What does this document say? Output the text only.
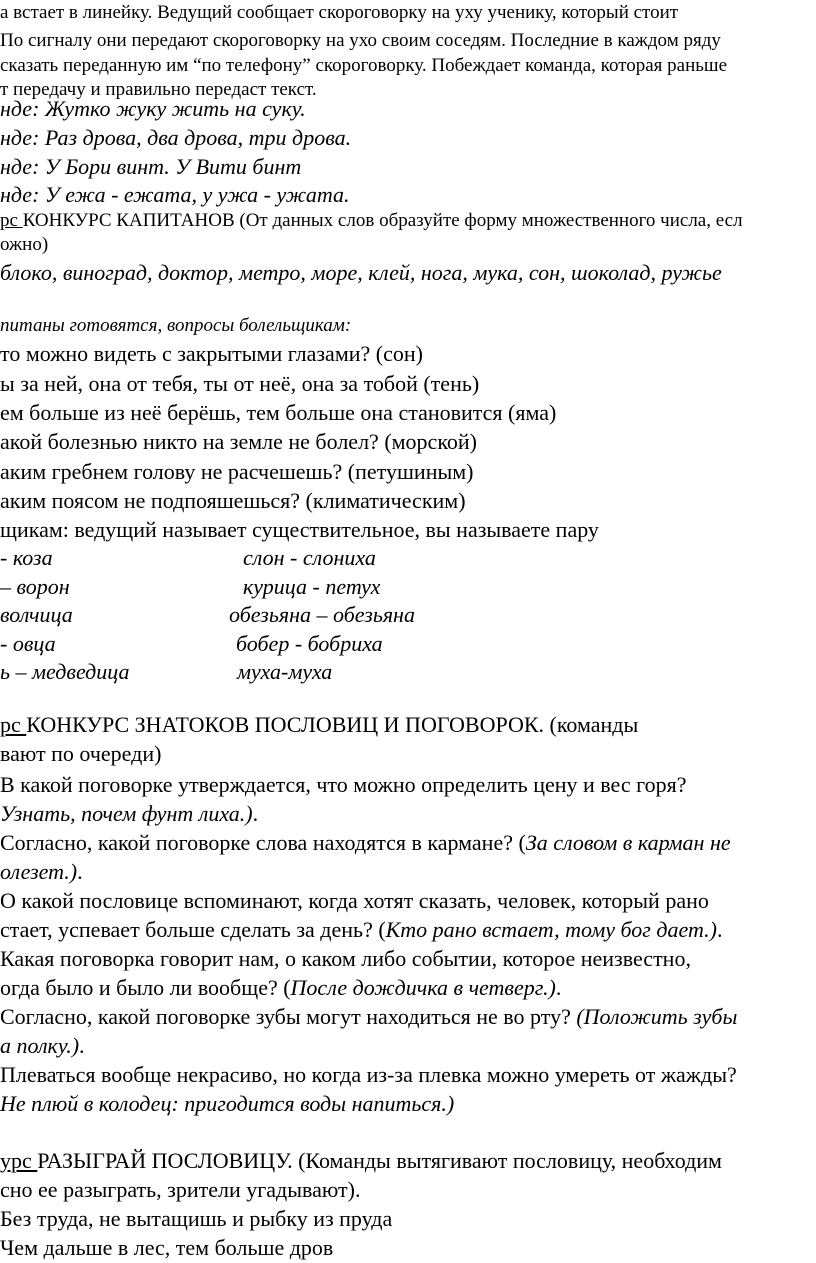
а встает в линейку. Ведущий сообщает скороговорку на уху ученику, который стоит
По сигналу они передают скороговорку на ухо своим соседям. Последние в каждом ряду
сказать переданную им “по телефону” скороговорку. Побеждает команда, которая раньше
т передачу и правильно передаст текст.
нде: Жутко жуку жить на суку.
нде: Раз дрова, два дрова, три дрова.
нде: У Бори винт. У Вити бинт
нде: У ежа - ежата, у ужа - ужата.
рс КОНКУРС КАПИТАНОВ (От данных слов образуйте форму множественного числа, есл
ожно)
блоко, виноград, доктор, метро, море, клей, нога, мука, сон, шоколад, ружье
питаны готовятся, вопросы болельщикам:
то можно видеть с закрытыми глазами? (сон)
ы за ней, она от тебя, ты от неё, она за тобой (тень)
ем больше из неё берёшь, тем больше она становится (яма)
акой болезнью никто на земле не болел? (морской)
аким гребнем голову не расчешешь? (петушиным)
аким поясом не подпояшешься? (климатическим)
щикам: ведущий называет существительное, вы называете пару
- коза	слон - слониха
– ворон	курица - петух
волчица	обезьяна – обезьяна
- овца	бобер - бобриха
ь – медведица	муха-муха
рс КОНКУРС ЗНАТОКОВ ПОСЛОВИЦ И ПОГОВОРОК. (команды
вают по очереди)
В какой поговорке утверждается, что можно определить цену и вес горя?
Узнать, почем фунт лиха.).
Согласно, какой поговорке слова находятся в кармане? (За словом в карман не
олезет.).
О какой пословице вспоминают, когда хотят сказать, человек, который рано
стает, успевает больше сделать за день? (Кто рано встает, тому бог дает.).
Какая поговорка говорит нам, о каком либо событии, которое неизвестно,
огда было и было ли вообще? (После дождичка в четверг.).
Согласно, какой поговорке зубы могут находиться не во рту? (Положить зубы
а полку.).
Плеваться вообще некрасиво, но когда из-за плевка можно умереть от жажды?
Не плюй в колодец: пригодится воды напиться.)
урс РАЗЫГРАЙ ПОСЛОВИЦУ. (Команды вытягивают пословицу, необходим
сно ее разыграть, зрители угадывают).
Без труда, не вытащишь и рыбку из пруда
Чем дальше в лес, тем больше дров
